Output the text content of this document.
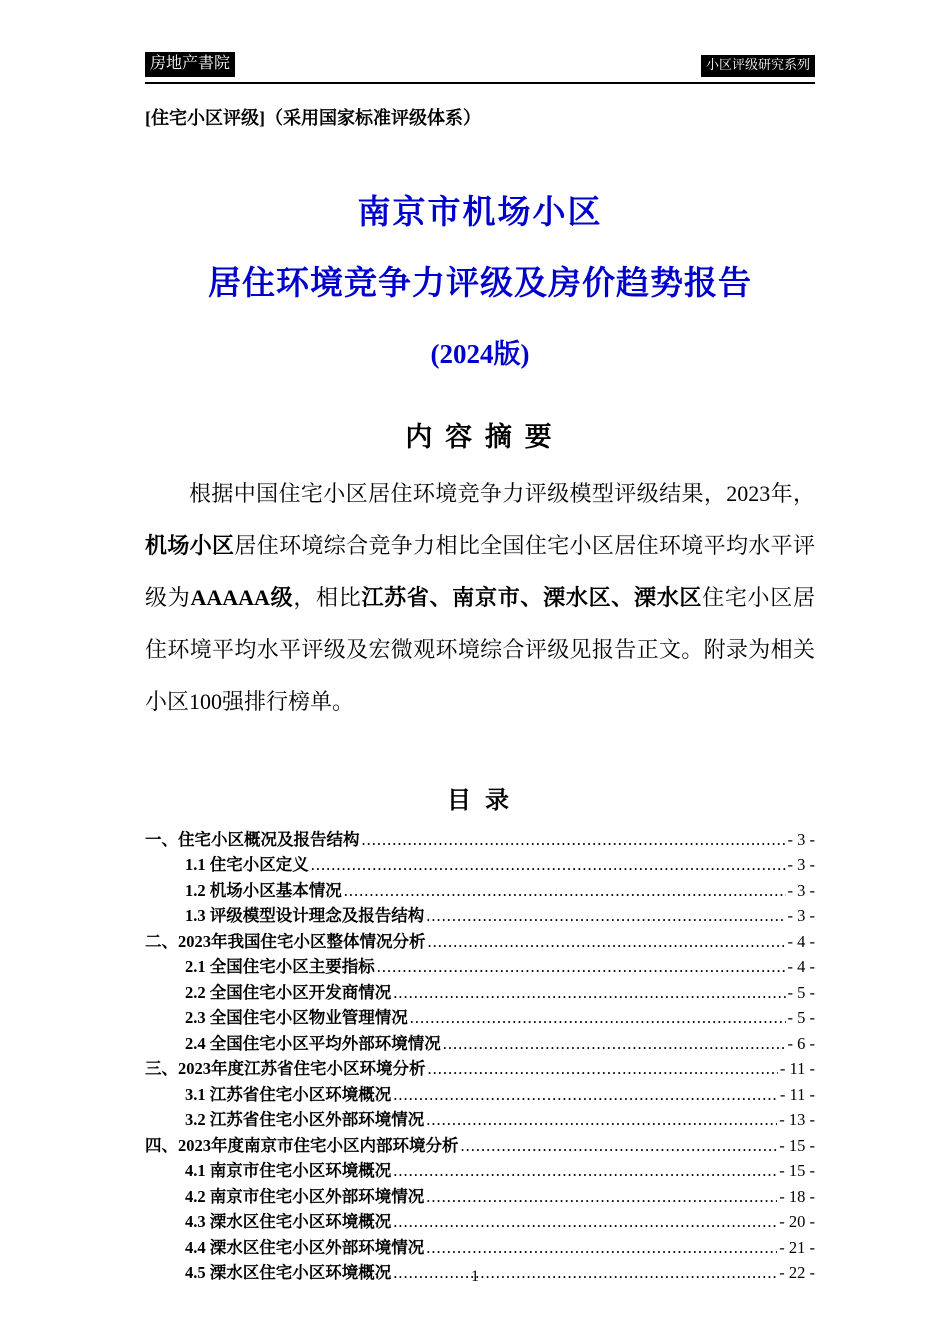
房地产書院	小区评级研究系列
[住宅小区评级]（采用国家标准评级体系）
南京市机场小区
居住环境竞争力评级及房价趋势报告
(2024版)
内 容 摘 要
根据中国住宅小区居住环境竞争力评级模型评级结果，2023年，机场小区居住环境综合竞争力相比全国住宅小区居住环境平均水平评级为AAAAA级，相比江苏省、南京市、溧水区、溧水区住宅小区居住环境平均水平评级及宏微观环境综合评级见报告正文。附录为相关小区100强排行榜单。
目 录
一、住宅小区概况及报告结构 .....	- 3 -
1.1 住宅小区定义 .....	- 3 -
1.2 机场小区基本情况 .....	- 3 -
1.3 评级模型设计理念及报告结构 .....	- 3 -
二、2023年我国住宅小区整体情况分析 .....	- 4 -
2.1 全国住宅小区主要指标 .....	- 4 -
2.2 全国住宅小区开发商情况 .....	- 5 -
2.3 全国住宅小区物业管理情况 .....	- 5 -
2.4 全国住宅小区平均外部环境情况 .....	- 6 -
三、2023年度江苏省住宅小区环境分析 .....	- 11 -
3.1 江苏省住宅小区环境概况 .....	- 11 -
3.2 江苏省住宅小区外部环境情况 .....	- 13 -
四、2023年度南京市住宅小区内部环境分析 .....	- 15 -
4.1 南京市住宅小区环境概况 .....	- 15 -
4.2 南京市住宅小区外部环境情况 .....	- 18 -
4.3 溧水区住宅小区环境概况 .....	- 20 -
4.4 溧水区住宅小区外部环境情况 .....	- 21 -
4.5 溧水区住宅小区环境概况 .....	- 22 -
1
